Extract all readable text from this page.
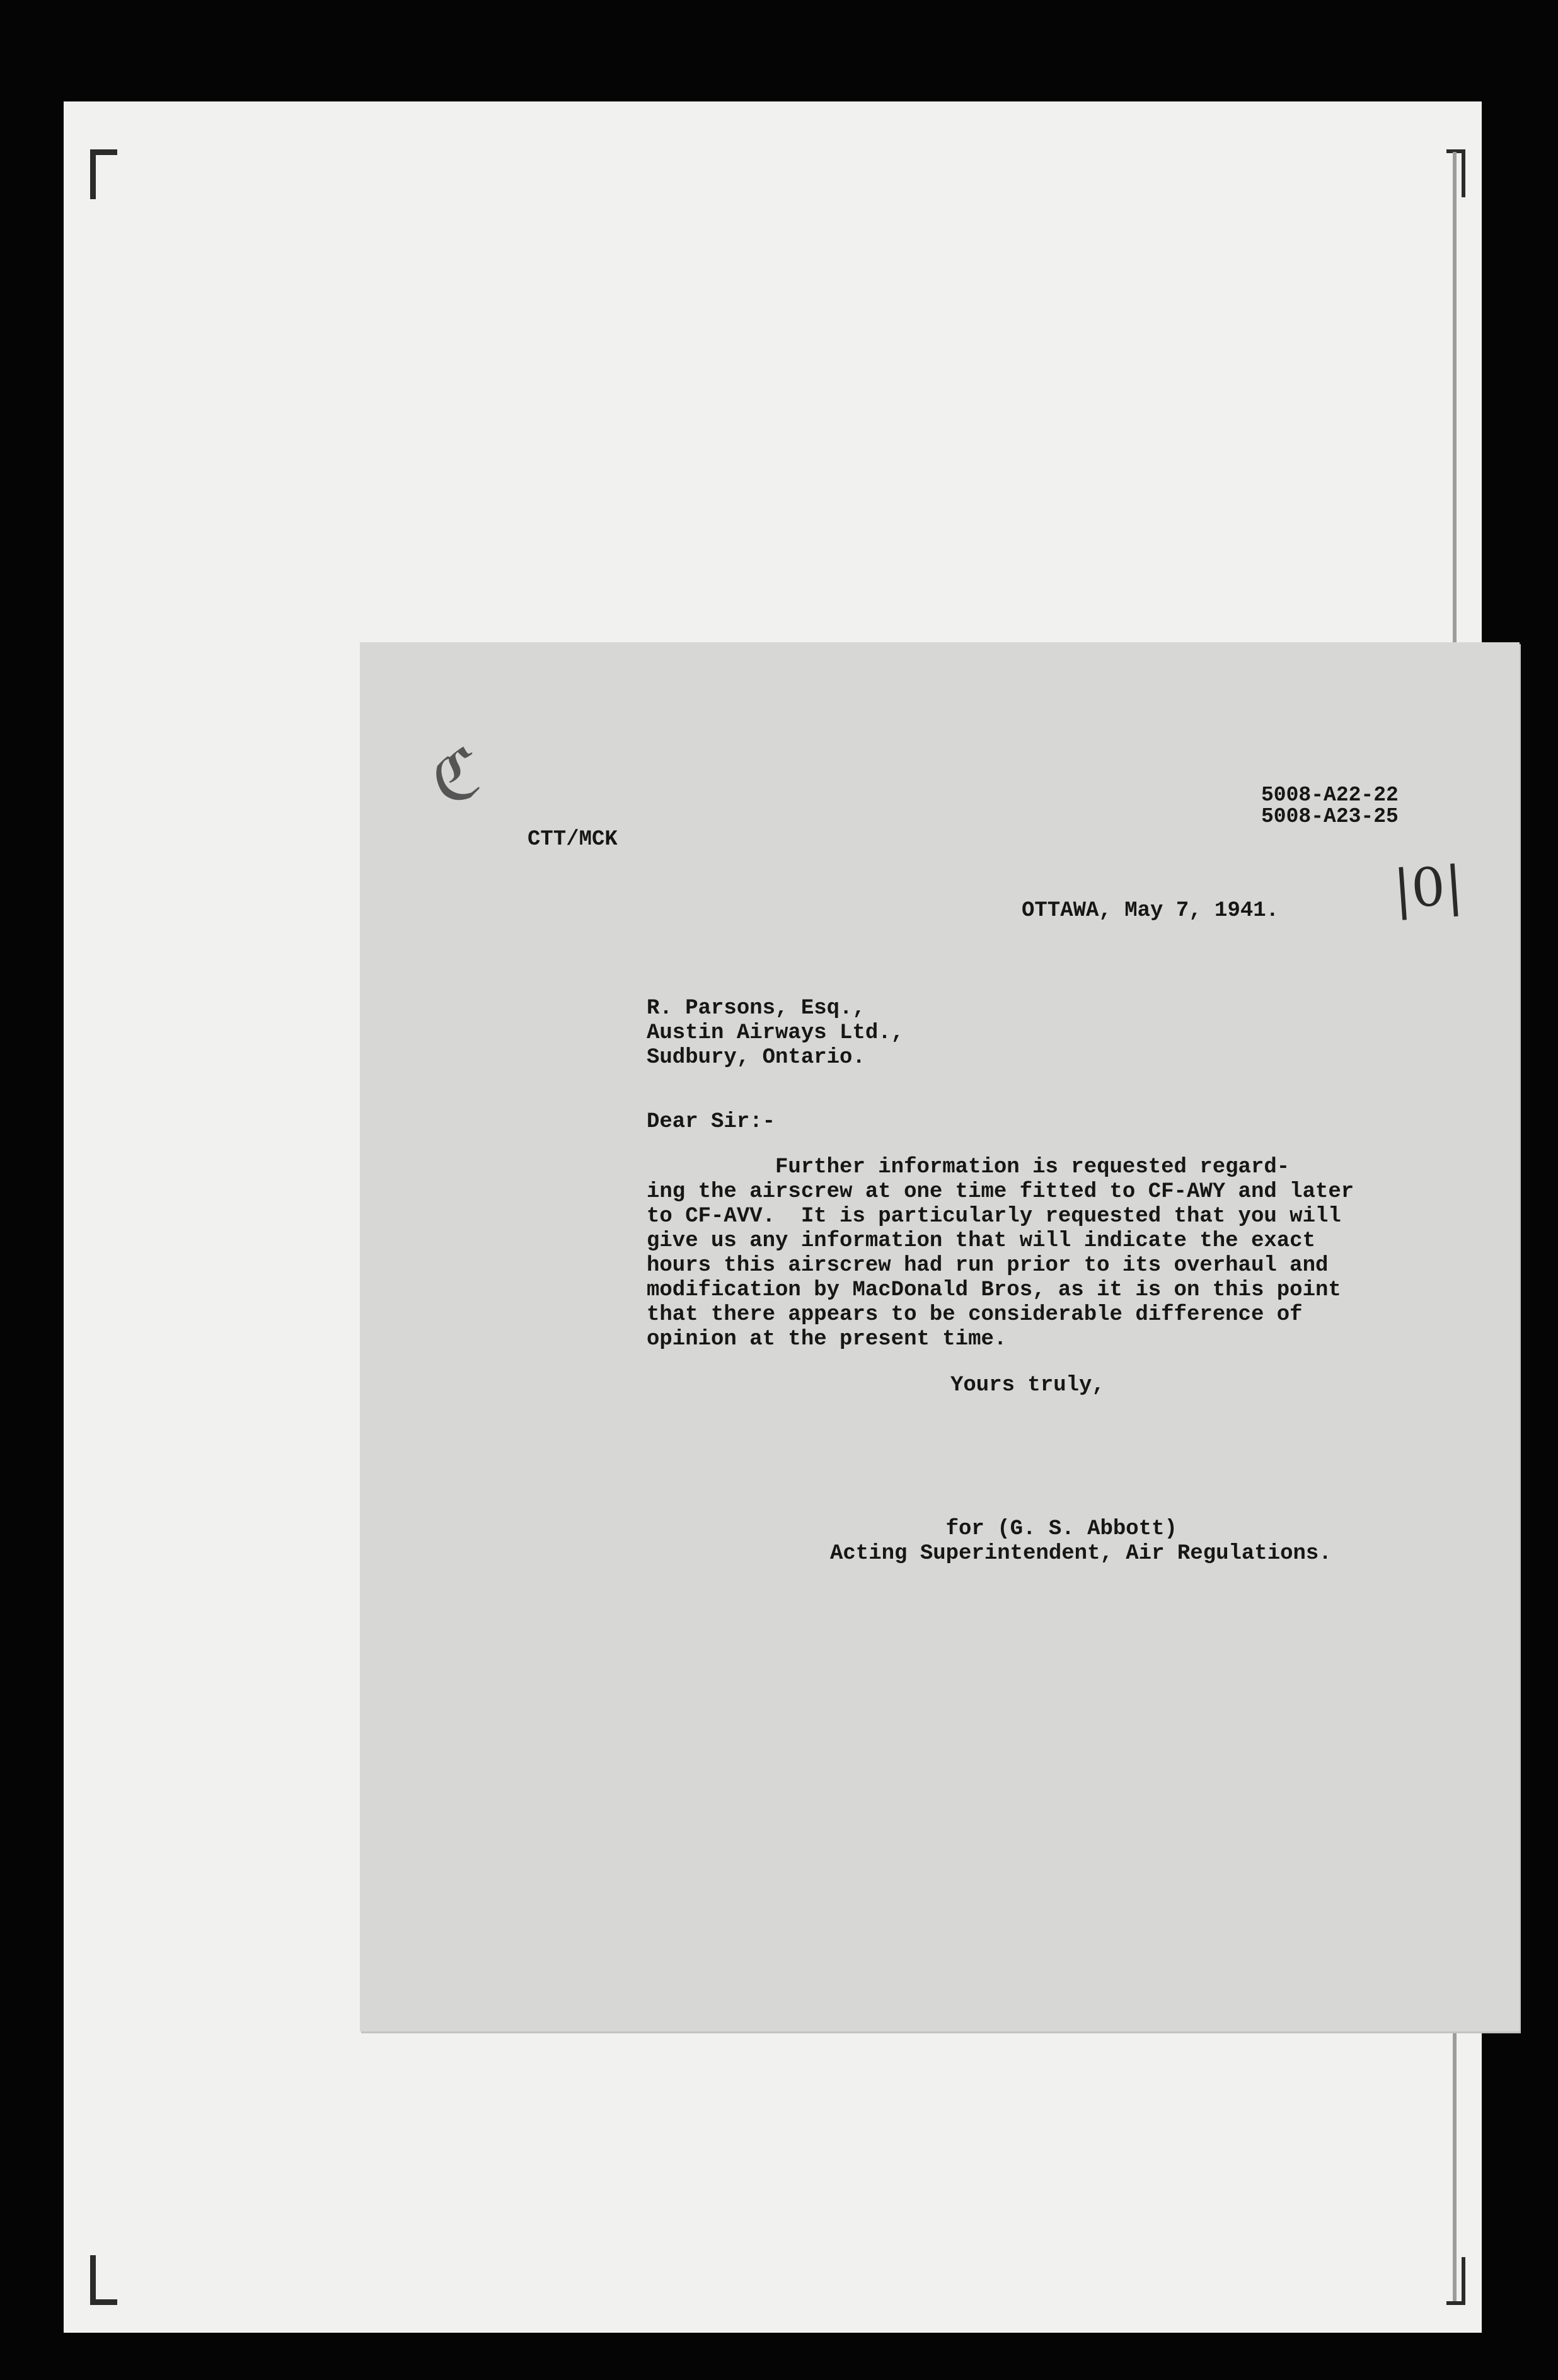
ℭ	5008-A22-22
5008-A23-25

CTT/MCK

|0|

OTTAWA, May 7, 1941.

R. Parsons, Esq.,
Austin Airways Ltd.,
Sudbury, Ontario.

Dear Sir:-

Further information is requested regard-
ing the airscrew at one time fitted to CF-AWY and later
to CF-AVV.  It is particularly requested that you will
give us any information that will indicate the exact
hours this airscrew had run prior to its overhaul and
modification by MacDonald Bros, as it is on this point
that there appears to be considerable difference of
opinion at the present time.

Yours truly,

for (G. S. Abbott)
Acting Superintendent, Air Regulations.
